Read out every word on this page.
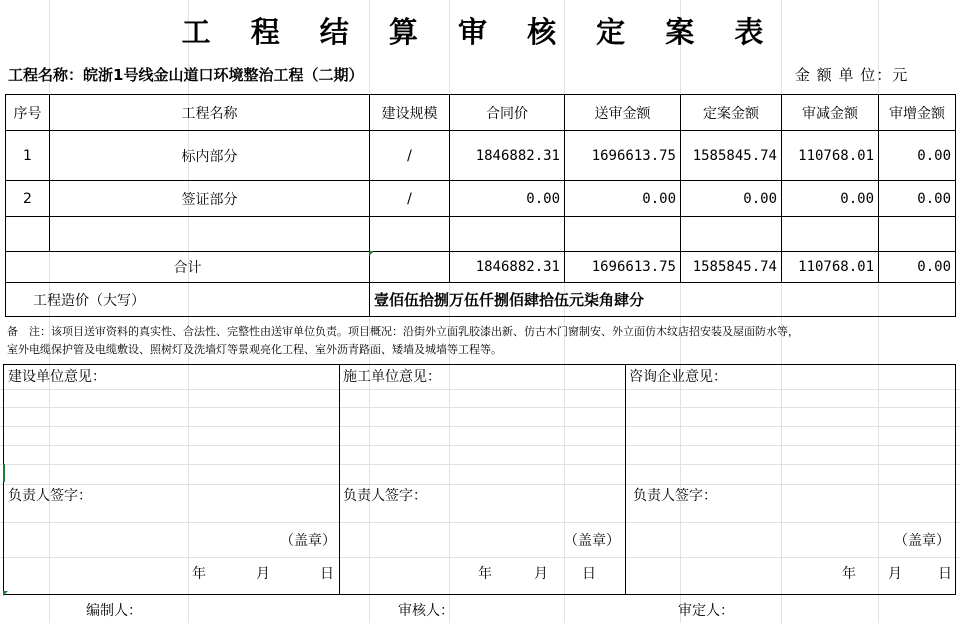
工 程 结 算 审 核 定 案 表
工程名称：皖浙1号线金山道口环境整治工程（二期）	金 额 单 位：元
序号	工程名称	建设规模	合同价	送审金额	定案金额	审减金额	审增金额
1	标内部分	/	1846882.31	1696613.75	1585845.74	110768.01	0.00
2	签证部分	/	0.00	0.00	0.00	0.00	0.00

合计			1846882.31	1696613.75	1585845.74	110768.01	0.00
工程造价（大写）		壹佰伍拾捌万伍仟捌佰肆拾伍元柒角肆分					
备　注：该项目送审资料的真实性、合法性、完整性由送审单位负责。项目概况：沿街外立面乳胶漆出新、仿古木门窗制安、外立面仿木纹店招安装及屋面防水等，
室外电缆保护管及电缆敷设、照树灯及洗墙灯等景观亮化工程、室外沥青路面、矮墙及城墙等工程等。
建设单位意见：
负责人签字：
（盖章）
年	月	日
施工单位意见：
负责人签字：
（盖章）
年	月 日
咨询企业意见：
负责人签字：
（盖章）
年 月	日
编制人：	审核人：	审定人：
